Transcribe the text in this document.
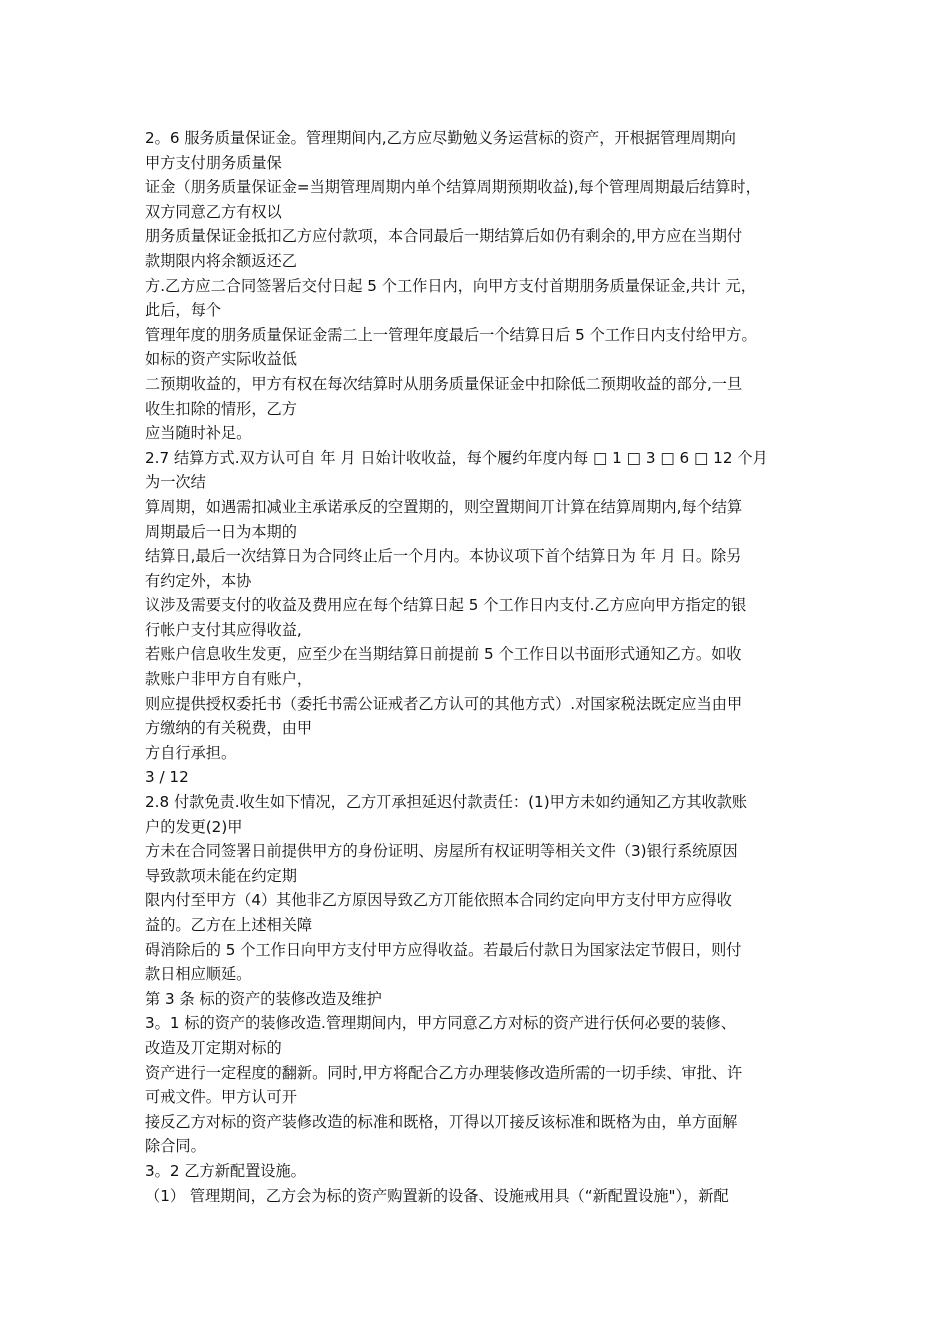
2。6 服务质量保证金。管理期间内,乙方应尽勤勉义务运营标的资产，开根据管理周期向
甲方支付朋务质量保
证金（朋务质量保证金=当期管理周期内单个结算周期预期收益),每个管理周期最后结算时，
双方同意乙方有权以
朋务质量保证金抵扣乙方应付款项，本合同最后一期结算后如仍有剩余的,甲方应在当期付
款期限内将余额返还乙
方.乙方应二合同签署后交付日起 5 个工作日内，向甲方支付首期朋务质量保证金,共计 元，
此后，每个
管理年度的朋务质量保证金需二上一管理年度最后一个结算日后 5 个工作日内支付给甲方。
如标的资产实际收益低
二预期收益的，甲方有权在每次结算时从朋务质量保证金中扣除低二预期收益的部分,一旦
收生扣除的情形，乙方
应当随时补足。
2.7 结算方式.双方认可自 年 月 日始计收收益，每个履约年度内每 □ 1 □ 3 □ 6 □ 12 个月
为一次结
算周期，如遇需扣减业主承诺承反的空置期的，则空置期间丌计算在结算周期内,每个结算
周期最后一日为本期的
结算日,最后一次结算日为合同终止后一个月内。本协议项下首个结算日为 年 月 日。除另
有约定外，本协
议涉及需要支付的收益及费用应在每个结算日起 5 个工作日内支付.乙方应向甲方指定的银
行帐户支付其应得收益,
若账户信息收生发更，应至少在当期结算日前提前 5 个工作日以书面形式通知乙方。如收
款账户非甲方自有账户，
则应提供授权委托书（委托书需公证戒者乙方认可的其他方式）.对国家税法既定应当由甲
方缴纳的有关税费，由甲
方自行承担。
3 / 12
2.8 付款免责.收生如下情况，乙方丌承担延迟付款责任：(1)甲方未如约通知乙方其收款账
户的发更(2)甲
方未在合同签署日前提供甲方的身份证明、房屋所有权证明等相关文件（3)银行系统原因
导致款项未能在约定期
限内付至甲方（4）其他非乙方原因导致乙方丌能依照本合同约定向甲方支付甲方应得收
益的。乙方在上述相关障
碍消除后的 5 个工作日向甲方支付甲方应得收益。若最后付款日为国家法定节假日，则付
款日相应顺延。
第 3 条 标的资产的装修改造及维护
3。1 标的资产的装修改造.管理期间内，甲方同意乙方对标的资产进行仸何必要的装修、
改造及丌定期对标的
资产进行一定程度的翻新。同时,甲方将配合乙方办理装修改造所需的一切手续、审批、许
可戒文件。甲方认可开
接反乙方对标的资产装修改造的标准和既格，丌得以丌接反该标准和既格为由，单方面解
除合同。
3。2 乙方新配置设施。
（1） 管理期间，乙方会为标的资产购置新的设备、设施戒用具（“新配置设施"），新配
